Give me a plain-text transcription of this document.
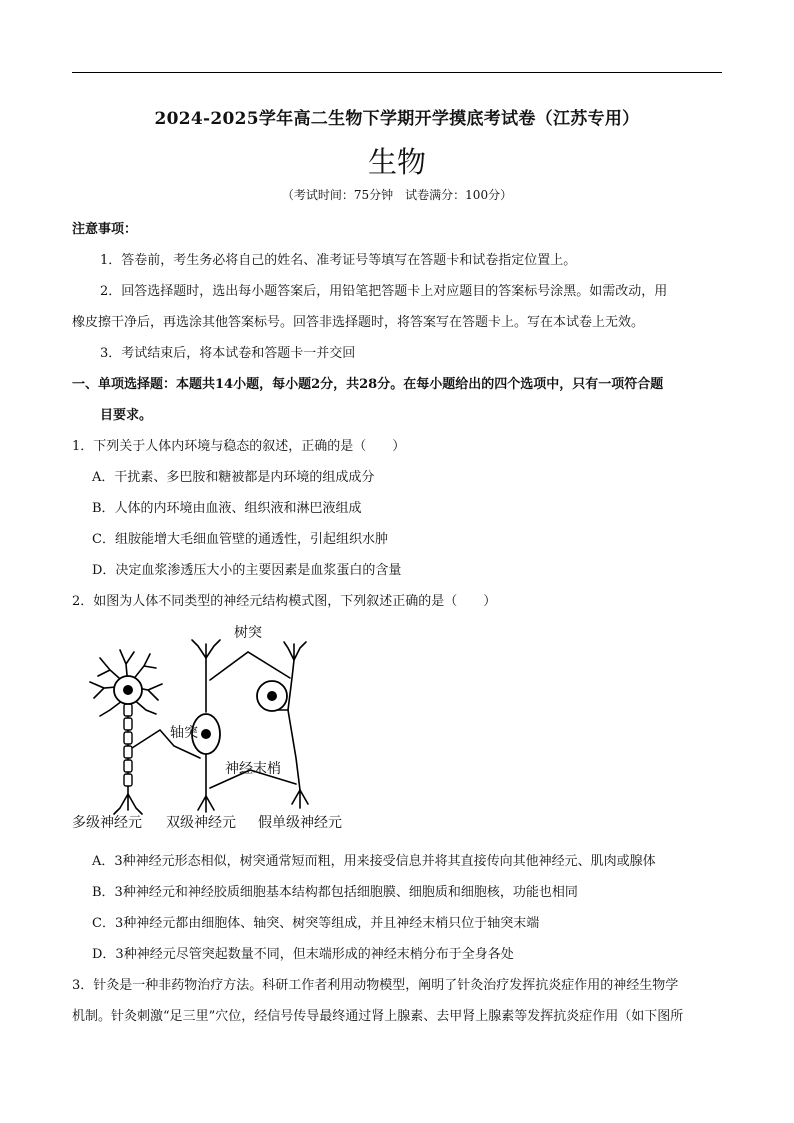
2024-2025学年高二生物下学期开学摸底考试卷（江苏专用）
生物
（考试时间：75分钟　试卷满分：100分）
注意事项：
1．答卷前，考生务必将自己的姓名、准考证号等填写在答题卡和试卷指定位置上。
2．回答选择题时，选出每小题答案后，用铅笔把答题卡上对应题目的答案标号涂黑。如需改动，用
橡皮擦干净后，再选涂其他答案标号。回答非选择题时，将答案写在答题卡上。写在本试卷上无效。
3．考试结束后，将本试卷和答题卡一并交回
一、单项选择题：本题共14小题，每小题2分，共28分。在每小题给出的四个选项中，只有一项符合题
目要求。
1．下列关于人体内环境与稳态的叙述，正确的是（　　）
A．干扰素、多巴胺和糖被都是内环境的组成成分
B．人体的内环境由血液、组织液和淋巴液组成
C．组胺能增大毛细血管壁的通透性，引起组织水肿
D．决定血浆渗透压大小的主要因素是血浆蛋白的含量
2．如图为人体不同类型的神经元结构模式图，下列叙述正确的是（　　）
树突
轴突
神经末梢
多级神经元 双级神经元 假单级神经元
A．3种神经元形态相似，树突通常短而粗，用来接受信息并将其直接传向其他神经元、肌肉或腺体
B．3种神经元和神经胶质细胞基本结构都包括细胞膜、细胞质和细胞核，功能也相同
C．3种神经元都由细胞体、轴突、树突等组成，并且神经末梢只位于轴突末端
D．3种神经元尽管突起数量不同，但末端形成的神经末梢分布于全身各处
3．针灸是一种非药物治疗方法。科研工作者利用动物模型，阐明了针灸治疗发挥抗炎症作用的神经生物学
机制。针灸刺激“足三里”穴位，经信号传导最终通过肾上腺素、去甲肾上腺素等发挥抗炎症作用（如下图所
